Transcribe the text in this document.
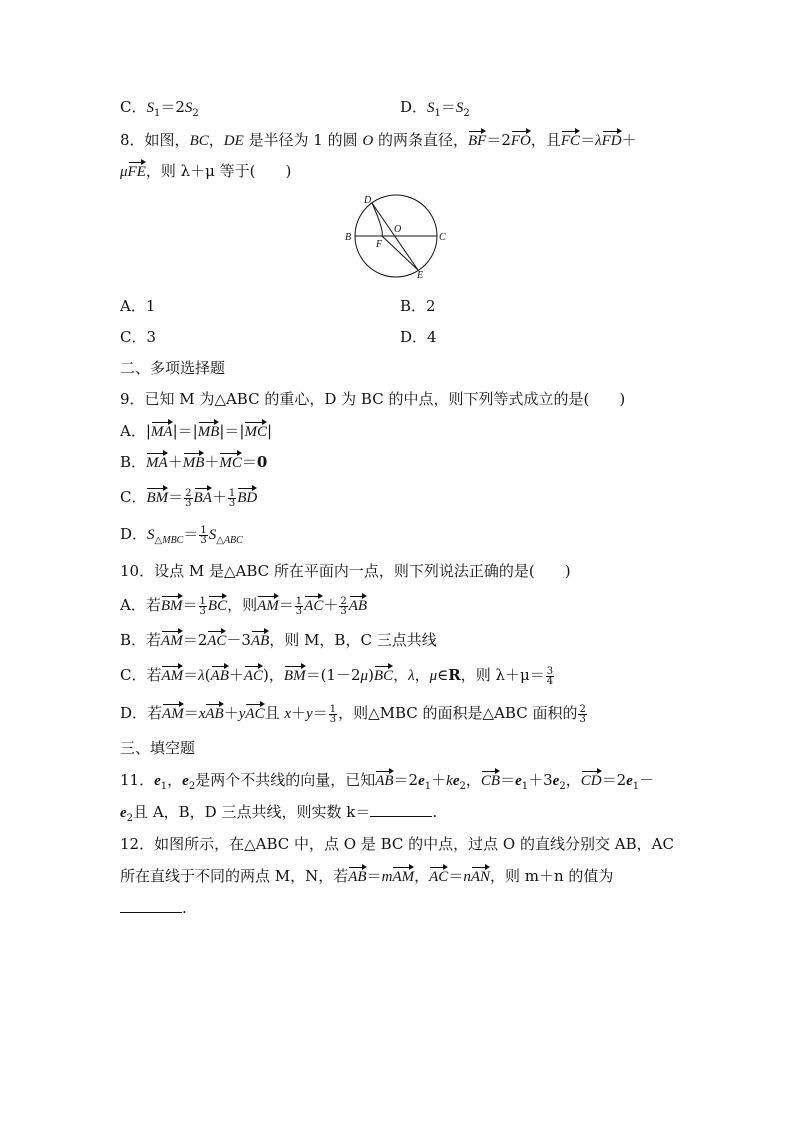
C．$S_1=2S_2$	D．$S_1=S_2$
8．如图，BC，DE 是半径为 1 的圆 O 的两条直径，BF＝2FO，且FC＝λFD＋
μFE，则 λ＋μ 等于(　　)
D
O
B
F
C
E
A．1	B．2
C．3	D．4
二、多项选择题
9．已知 M 为△ABC 的重心，D 为 BC 的中点，则下列等式成立的是(　　)
A．|MA|＝|MB|＝|MC|
B．MA＋MB＋MC＝0
C．$BM= \frac{2}{3} BA+ \frac{1}{3}$ BD
D．$S_{\triangle MBC}= \frac{1}{3} S_{\triangle ABC}$
10．设点 M 是△ABC 所在平面内一点，则下列说法正确的是(　　)
A．若$BM= \frac{1}{3}$ BC，则$AM= \frac{1}{3} AC+ \frac{2}{3}$ AB
B．若AM＝2AC－3AB，则 M，B，C 三点共线
C．若AM＝λ(AB＋AC)，BM＝(1－2μ)BC，λ，μ∈R，则 $\lambda+\mu= \frac{3}{4}$
D．若AM＝xAB＋yAC且 $x+y= \frac{1}{3}$ ，则△MBC 的面积是△ABC 面积的 $\frac{2}{3}$
三、填空题
11．$e_1$，$e_2$是两个不共线的向量，已知$AB=2e_1+ke_2$，$CB=e_1+3e_2$，$CD=2e_1-$
$e_2$且 A，B，D 三点共线，则实数 k＝	.
12．如图所示，在△ABC 中，点 O 是 BC 的中点，过点 O 的直线分别交 AB，AC
所在直线于不同的两点 M，N，若AB＝mAM，AC＝nAN，则 m＋n 的值为
.
